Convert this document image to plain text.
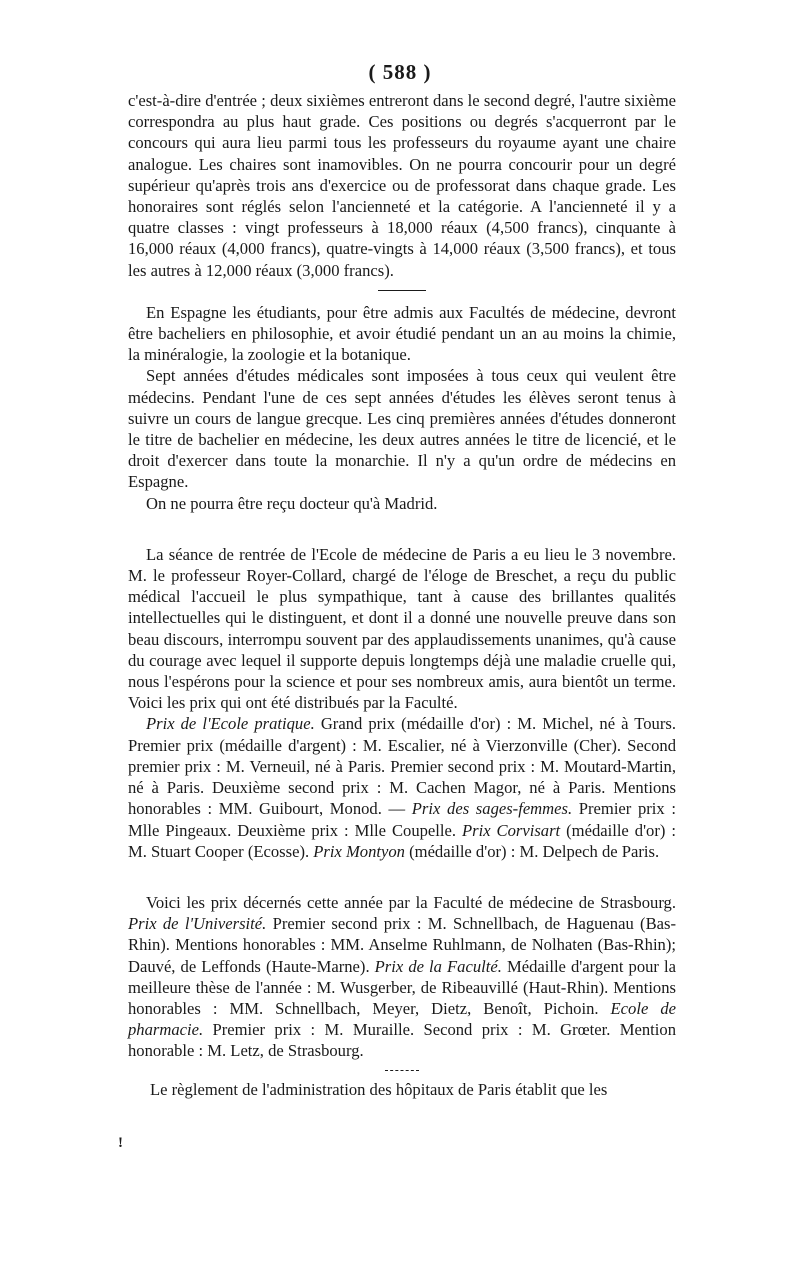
( 588 )

c'est-à-dire d'entrée ; deux sixièmes entreront dans le second degré, l'autre sixième correspondra au plus haut grade. Ces positions ou degrés s'acquerront par le concours qui aura lieu parmi tous les professeurs du royaume ayant une chaire analogue. Les chaires sont inamovibles. On ne pourra concourir pour un degré supérieur qu'après trois ans d'exercice ou de professorat dans chaque grade. Les honoraires sont réglés selon l'ancienneté et la catégorie. A l'ancienneté il y a quatre classes : vingt professeurs à 18,000 réaux (4,500 francs), cinquante à 16,000 réaux (4,000 francs), quatre-vingts à 14,000 réaux (3,500 francs), et tous les autres à 12,000 réaux (3,000 francs).

En Espagne les étudiants, pour être admis aux Facultés de médecine, devront être bacheliers en philosophie, et avoir étudié pendant un an au moins la chimie, la minéralogie, la zoologie et la botanique.

Sept années d'études médicales sont imposées à tous ceux qui veulent être médecins. Pendant l'une de ces sept années d'études les élèves seront tenus à suivre un cours de langue grecque. Les cinq premières années d'études donneront le titre de bachelier en médecine, les deux autres années le titre de licencié, et le droit d'exercer dans toute la monarchie. Il n'y a qu'un ordre de médecins en Espagne.

On ne pourra être reçu docteur qu'à Madrid.

La séance de rentrée de l'Ecole de médecine de Paris a eu lieu le 3 novembre. M. le professeur Royer-Collard, chargé de l'éloge de Breschet, a reçu du public médical l'accueil le plus sympathique, tant à cause des brillantes qualités intellectuelles qui le distinguent, et dont il a donné une nouvelle preuve dans son beau discours, interrompu souvent par des applaudissements unanimes, qu'à cause du courage avec lequel il supporte depuis longtemps déjà une maladie cruelle qui, nous l'espérons pour la science et pour ses nombreux amis, aura bientôt un terme. Voici les prix qui ont été distribués par la Faculté.

Prix de l'Ecole pratique. Grand prix (médaille d'or) : M. Michel, né à Tours. Premier prix (médaille d'argent) : M. Escalier, né à Vierzonville (Cher). Second premier prix : M. Verneuil, né à Paris. Premier second prix : M. Moutard-Martin, né à Paris. Deuxième second prix : M. Cachen Magor, né à Paris. Mentions honorables : MM. Guibourt, Monod. — Prix des sages-femmes. Premier prix : Mlle Pingeaux. Deuxième prix : Mlle Coupelle. Prix Corvisart (médaille d'or) : M. Stuart Cooper (Ecosse). Prix Montyon (médaille d'or) : M. Delpech de Paris.

Voici les prix décernés cette année par la Faculté de médecine de Strasbourg. Prix de l'Université. Premier second prix : M. Schnellbach, de Haguenau (Bas-Rhin). Mentions honorables : MM. Anselme Ruhlmann, de Nolhaten (Bas-Rhin); Dauvé, de Leffonds (Haute-Marne). Prix de la Faculté. Médaille d'argent pour la meilleure thèse de l'année : M. Wusgerber, de Ribeauvillé (Haut-Rhin). Mentions honorables : MM. Schnellbach, Meyer, Dietz, Benoît, Pichoin. Ecole de pharmacie. Premier prix : M. Muraille. Second prix : M. Grœter. Mention honorable : M. Letz, de Strasbourg.

Le règlement de l'administration des hôpitaux de Paris établit que les

!
